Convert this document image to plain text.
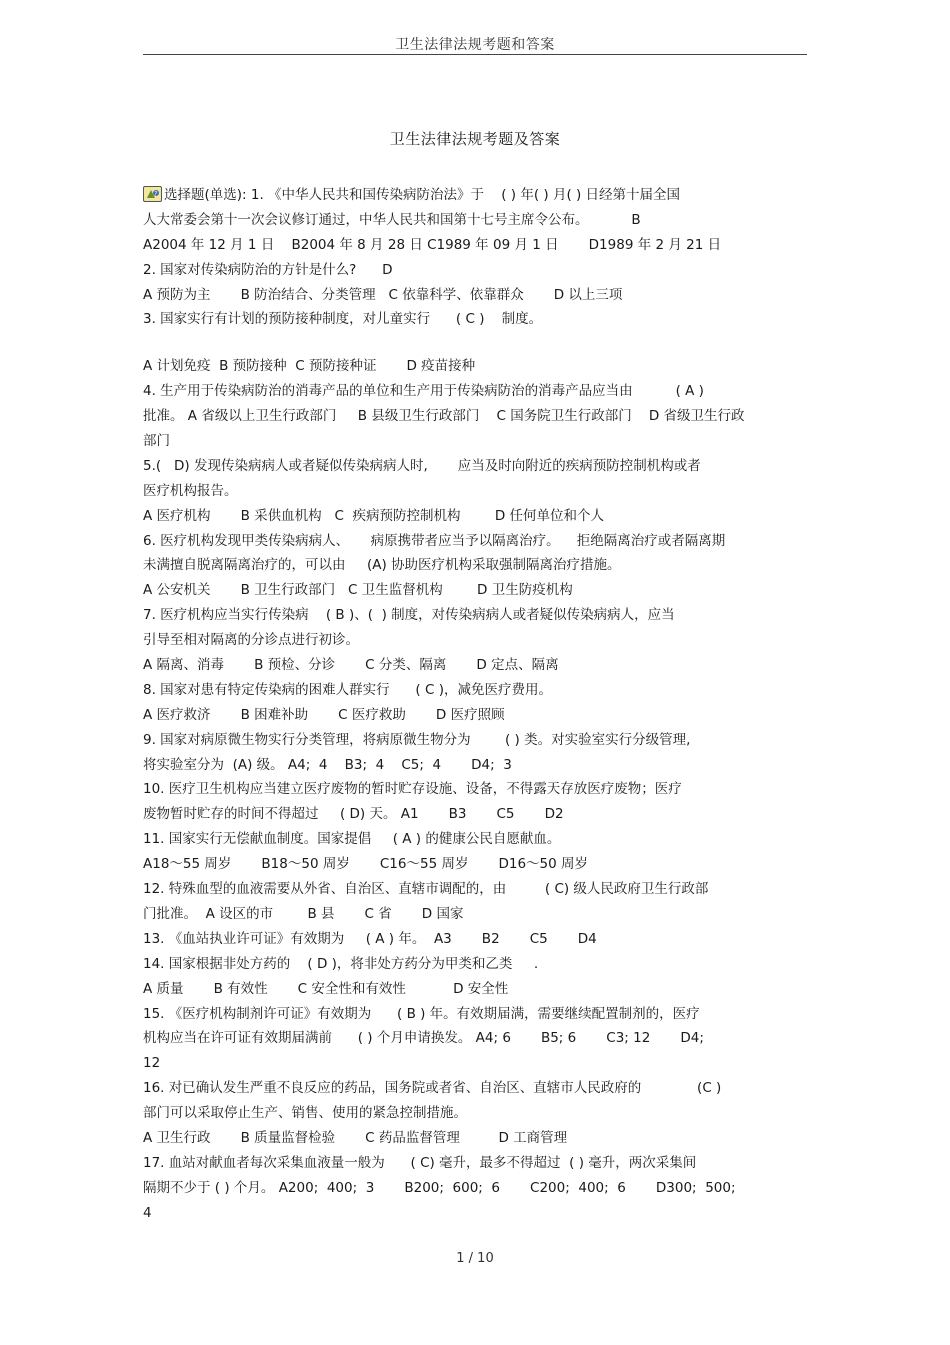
卫生法律法规考题和答案
卫生法律法规考题及答案
? 选择题(单选): 1. 《中华人民共和国传染病防治法》于    ( ) 年( ) 月( ) 日经第十届全国
人大常委会第十一次会议修订通过，中华人民共和国第十七号主席令公布。          B
A2004 年 12 月 1 日    B2004 年 8 月 28 日 C1989 年 09 月 1 日       D1989 年 2 月 21 日
2. 国家对传染病防治的方针是什么?      D
A 预防为主       B 防治结合、分类管理   C 依靠科学、依靠群众       D 以上三项
3. 国家实行有计划的预防接种制度，对儿童实行      ( C )    制度。
A 计划免疫  B 预防接种  C 预防接种证       D 疫苗接种
4. 生产用于传染病防治的消毒产品的单位和生产用于传染病防治的消毒产品应当由          ( A )
批准。 A 省级以上卫生行政部门     B 县级卫生行政部门    C 国务院卫生行政部门    D 省级卫生行政
部门
5.(   D) 发现传染病病人或者疑似传染病病人时,       应当及时向附近的疾病预防控制机构或者
医疗机构报告。
A 医疗机构       B 采供血机构   C  疾病预防控制机构        D 任何单位和个人
6. 医疗机构发现甲类传染病病人、     病原携带者应当予以隔离治疗。    拒绝隔离治疗或者隔离期
未满擅自脱离隔离治疗的，可以由     (A) 协助医疗机构采取强制隔离治疗措施。
A 公安机关       B 卫生行政部门   C 卫生监督机构        D 卫生防疫机构
7. 医疗机构应当实行传染病    ( B )、(  ) 制度，对传染病病人或者疑似传染病病人，应当
引导至相对隔离的分诊点进行初诊。
A 隔离、消毒       B 预检、分诊       C 分类、隔离       D 定点、隔离
8. 国家对患有特定传染病的困难人群实行      ( C )，减免医疗费用。
A 医疗救济       B 困难补助       C 医疗救助       D 医疗照顾
9. 国家对病原微生物实行分类管理，将病原微生物分为        ( ) 类。对实验室实行分级管理,
将实验室分为  (A) 级。 A4;  4    B3;  4    C5;  4       D4;  3
10. 医疗卫生机构应当建立医疗废物的暂时贮存设施、设备，不得露天存放医疗废物；医疗
废物暂时贮存的时间不得超过     ( D) 天。 A1       B3       C5       D2
11. 国家实行无偿献血制度。国家提倡     ( A ) 的健康公民自愿献血。
A18～55 周岁       B18～50 周岁       C16～55 周岁       D16～50 周岁
12. 特殊血型的血液需要从外省、自治区、直辖市调配的，由         ( C) 级人民政府卫生行政部
门批准。  A 设区的市        B 县       C 省       D 国家
13. 《血站执业许可证》有效期为     ( A ) 年。  A3       B2       C5       D4
14. 国家根据非处方药的    ( D )，将非处方药分为甲类和乙类     .
A 质量       B 有效性       C 安全性和有效性           D 安全性
15. 《医疗机构制剂许可证》有效期为      ( B ) 年。有效期届满，需要继续配置制剂的，医疗
机构应当在许可证有效期届满前      ( ) 个月申请换发。 A4; 6       B5; 6       C3; 12       D4;
12
16. 对已确认发生严重不良反应的药品，国务院或者省、自治区、直辖市人民政府的             (C )
部门可以采取停止生产、销售、使用的紧急控制措施。
A 卫生行政       B 质量监督检验       C 药品监督管理         D 工商管理
17. 血站对献血者每次采集血液量一般为      ( C) 毫升，最多不得超过  ( ) 毫升，两次采集间
隔期不少于 ( ) 个月。 A200;  400;  3       B200;  600;  6       C200;  400;  6       D300;  500;
4
1 / 10
